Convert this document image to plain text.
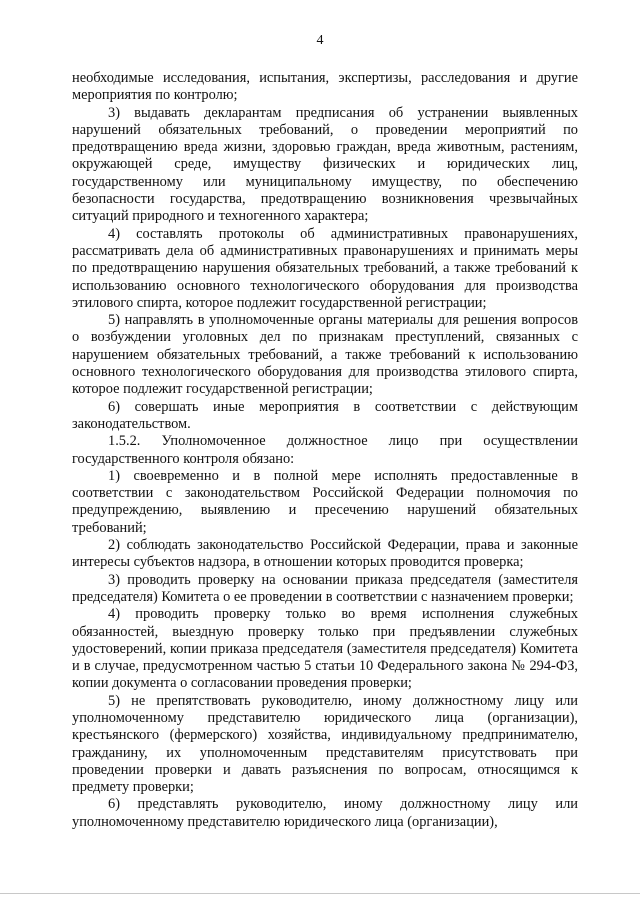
4

необходимые исследования, испытания, экспертизы, расследования и другие мероприятия по контролю;

3) выдавать декларантам предписания об устранении выявленных нарушений обязательных требований, о проведении мероприятий по предотвращению вреда жизни, здоровью граждан, вреда животным, растениям, окружающей среде, имуществу физических и юридических лиц, государственному или муниципальному имуществу, по обеспечению безопасности государства, предотвращению возникновения чрезвычайных ситуаций природного и техногенного характера;

4) составлять протоколы об административных правонарушениях, рассматривать дела об административных правонарушениях и принимать меры по предотвращению нарушения обязательных требований, а также требований к использованию основного технологического оборудования для производства этилового спирта, которое подлежит государственной регистрации;

5) направлять в уполномоченные органы материалы для решения вопросов о возбуждении уголовных дел по признакам преступлений, связанных с нарушением обязательных требований, а также требований к использованию основного технологического оборудования для производства этилового спирта, которое подлежит государственной регистрации;

6) совершать иные мероприятия в соответствии с действующим законодательством.

1.5.2. Уполномоченное должностное лицо при осуществлении государственного контроля обязано:

1) своевременно и в полной мере исполнять предоставленные в соответствии с законодательством Российской Федерации полномочия по предупреждению, выявлению и пресечению нарушений обязательных требований;

2) соблюдать законодательство Российской Федерации, права и законные интересы субъектов надзора, в отношении которых проводится проверка;

3) проводить проверку на основании приказа председателя (заместителя председателя) Комитета о ее проведении в соответствии с назначением проверки;

4) проводить проверку только во время исполнения служебных обязанностей, выездную проверку только при предъявлении служебных удостоверений, копии приказа председателя (заместителя председателя) Комитета и в случае, предусмотренном частью 5 статьи 10 Федерального закона № 294-ФЗ, копии документа о согласовании проведения проверки;

5) не препятствовать руководителю, иному должностному лицу или уполномоченному представителю юридического лица (организации), крестьянского (фермерского) хозяйства, индивидуальному предпринимателю, гражданину, их уполномоченным представителям присутствовать при проведении проверки и давать разъяснения по вопросам, относящимся к предмету проверки;

6) представлять руководителю, иному должностному лицу или уполномоченному представителю юридического лица (организации),
